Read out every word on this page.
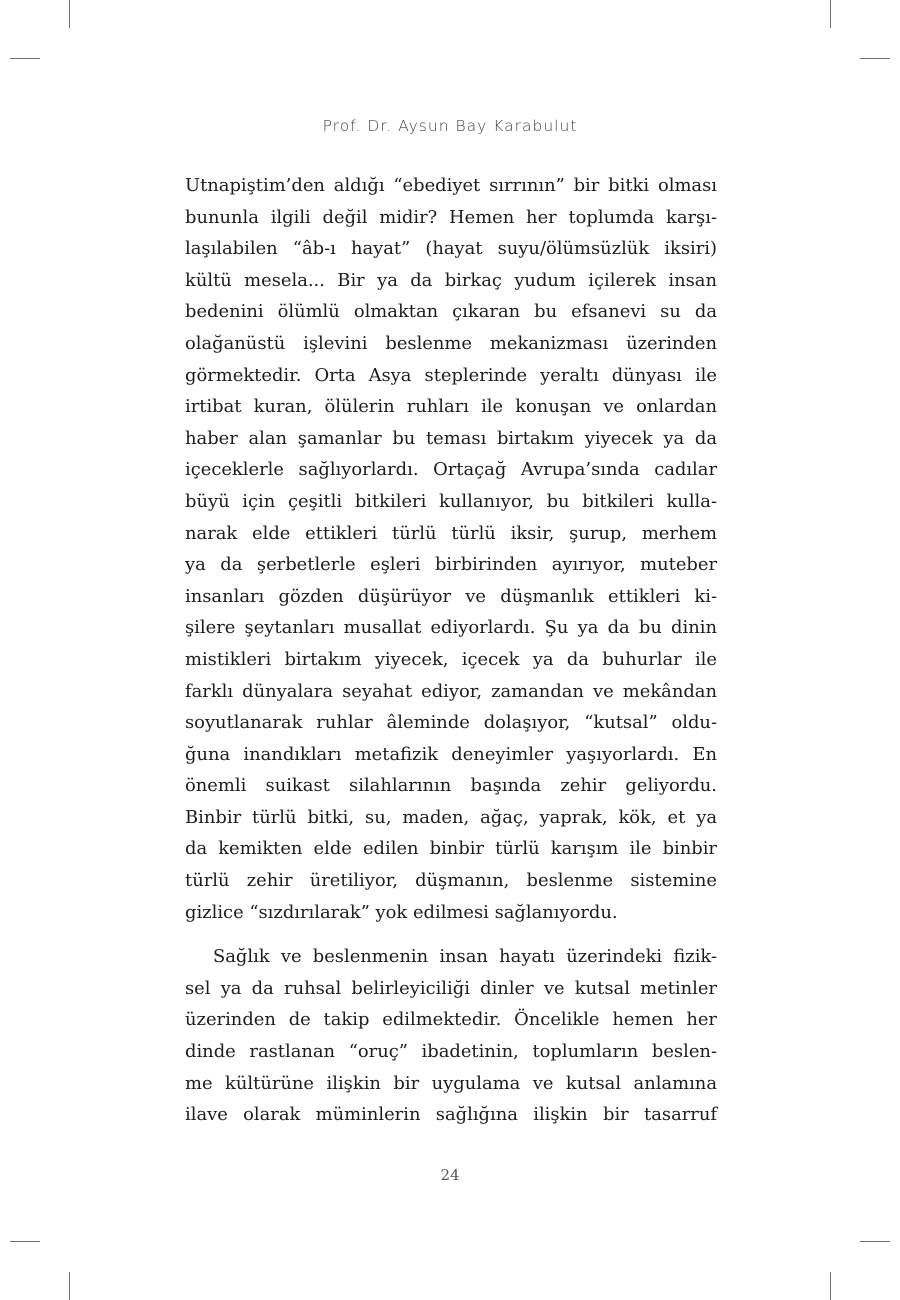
Prof. Dr. Aysun Bay Karabulut
Utnapiştim’den aldığı “ebediyet sırrının” bir bitki olması
bununla ilgili değil midir? Hemen her toplumda karşı-
laşılabilen “âb-ı hayat” (hayat suyu/ölümsüzlük iksiri)
kültü mesela... Bir ya da birkaç yudum içilerek insan
bedenini ölümlü olmaktan çıkaran bu efsanevi su da
olağanüstü işlevini beslenme mekanizması üzerinden
görmektedir. Orta Asya steplerinde yeraltı dünyası ile
irtibat kuran, ölülerin ruhları ile konuşan ve onlardan
haber alan şamanlar bu teması birtakım yiyecek ya da
içeceklerle sağlıyorlardı. Ortaçağ Avrupa’sında cadılar
büyü için çeşitli bitkileri kullanıyor, bu bitkileri kulla-
narak elde ettikleri türlü türlü iksir, şurup, merhem
ya da şerbetlerle eşleri birbirinden ayırıyor, muteber
insanları gözden düşürüyor ve düşmanlık ettikleri ki-
şilere şeytanları musallat ediyorlardı. Şu ya da bu dinin
mistikleri birtakım yiyecek, içecek ya da buhurlar ile
farklı dünyalara seyahat ediyor, zamandan ve mekândan
soyutlanarak ruhlar âleminde dolaşıyor, “kutsal” oldu-
ğuna inandıkları metafizik deneyimler yaşıyorlardı. En
önemli suikast silahlarının başında zehir geliyordu.
Binbir türlü bitki, su, maden, ağaç, yaprak, kök, et ya
da kemikten elde edilen binbir türlü karışım ile binbir
türlü zehir üretiliyor, düşmanın, beslenme sistemine
gizlice “sızdırılarak” yok edilmesi sağlanıyordu.
Sağlık ve beslenmenin insan hayatı üzerindeki fizik-
sel ya da ruhsal belirleyiciliği dinler ve kutsal metinler
üzerinden de takip edilmektedir. Öncelikle hemen her
dinde rastlanan “oruç” ibadetinin, toplumların beslen-
me kültürüne ilişkin bir uygulama ve kutsal anlamına
ilave olarak müminlerin sağlığına ilişkin bir tasarruf
24
